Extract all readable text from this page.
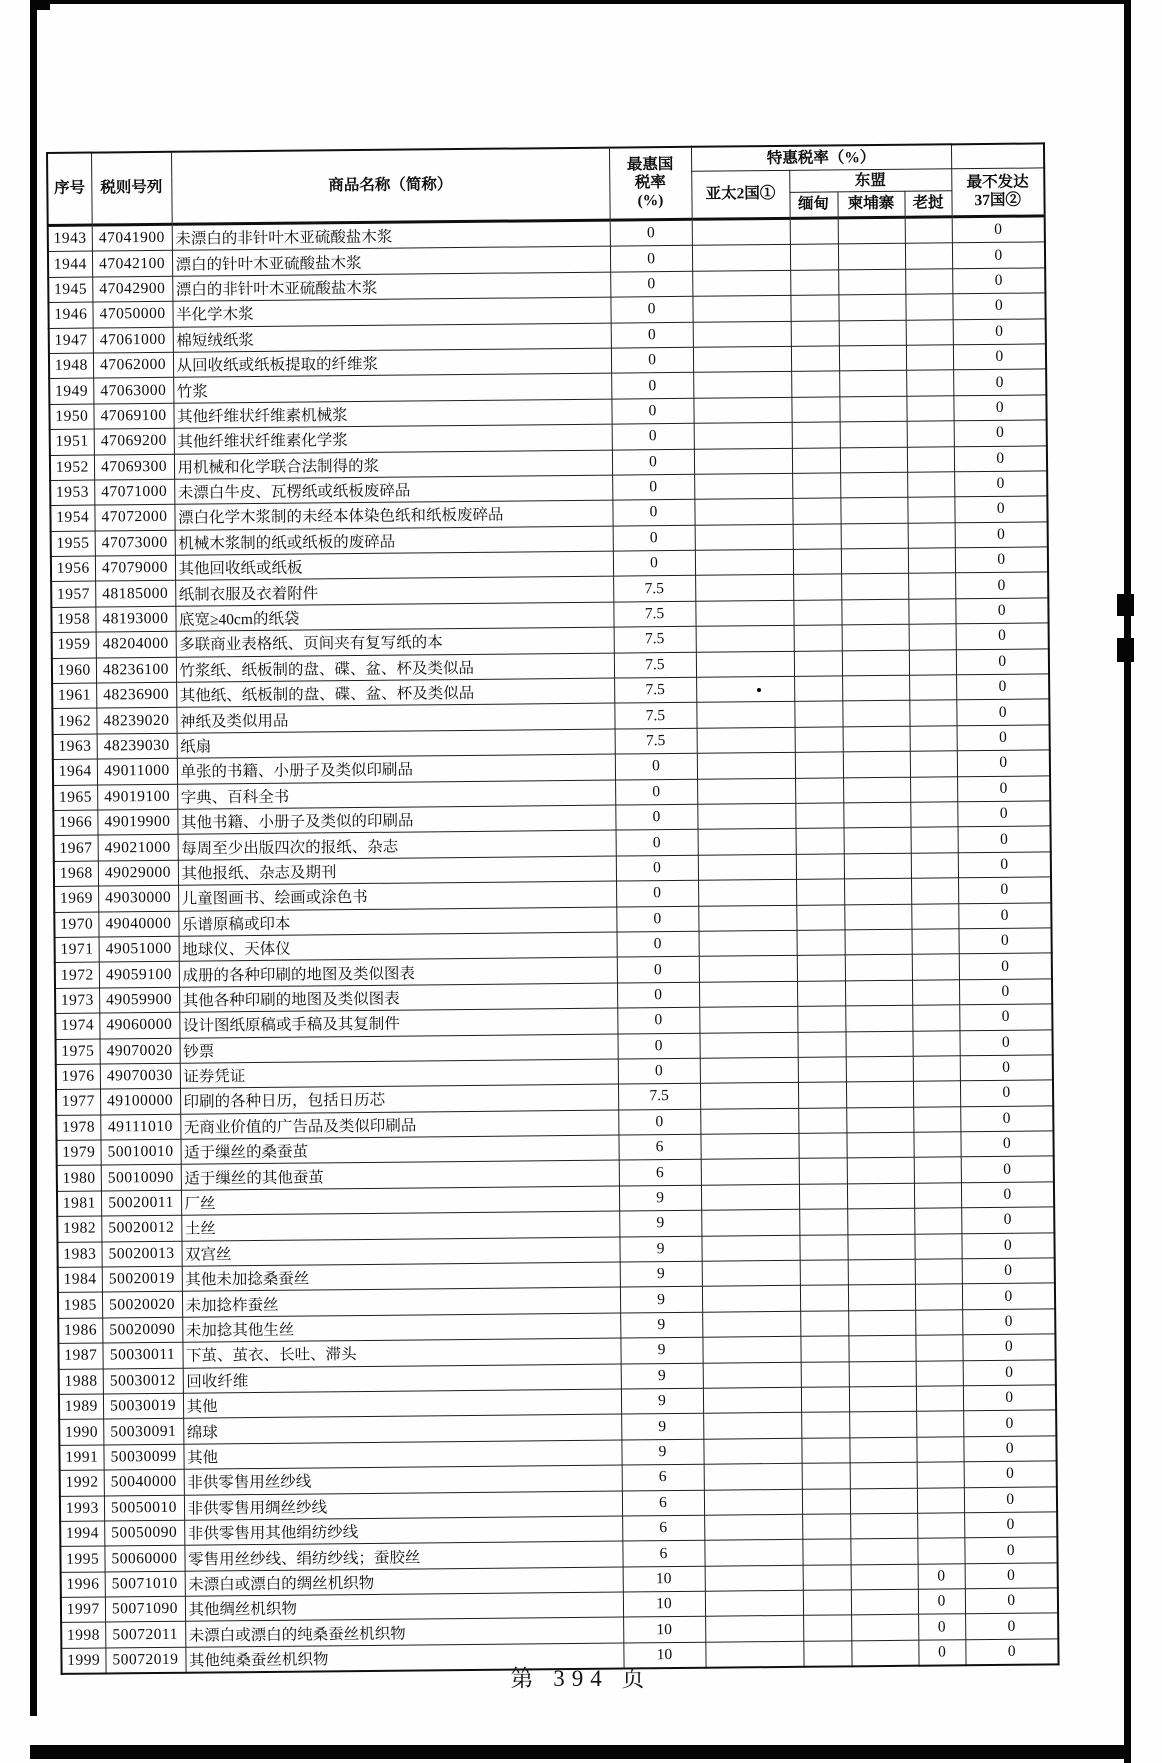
序号	税则号列	商品名称（简称）	最惠国
税率
(%)	特惠税率（%）				
				亚太2国①	东盟			最不发达
37国②

					缅甸	柬埔寨	老挝	
1943	47041900	未漂白的非针叶木亚硫酸盐木浆	0					0
1944	47042100	漂白的针叶木亚硫酸盐木浆	0					0
1945	47042900	漂白的非针叶木亚硫酸盐木浆	0					0
1946	47050000	半化学木浆	0					0
1947	47061000	棉短绒纸浆	0					0
1948	47062000	从回收纸或纸板提取的纤维浆	0					0
1949	47063000	竹浆	0					0
1950	47069100	其他纤维状纤维素机械浆	0					0
1951	47069200	其他纤维状纤维素化学浆	0					0
1952	47069300	用机械和化学联合法制得的浆	0					0
1953	47071000	未漂白牛皮、瓦楞纸或纸板废碎品	0					0
1954	47072000	漂白化学木浆制的未经本体染色纸和纸板废碎品	0					0
1955	47073000	机械木浆制的纸或纸板的废碎品	0					0
1956	47079000	其他回收纸或纸板	0					0
1957	48185000	纸制衣服及衣着附件	7.5					0
1958	48193000	底宽≥40cm的纸袋	7.5					0
1959	48204000	多联商业表格纸、页间夹有复写纸的本	7.5					0
1960	48236100	竹浆纸、纸板制的盘、碟、盆、杯及类似品	7.5					0
1961	48236900	其他纸、纸板制的盘、碟、盆、杯及类似品	7.5					0
1962	48239020	神纸及类似用品	7.5					0
1963	48239030	纸扇	7.5					0
1964	49011000	单张的书籍、小册子及类似印刷品	0					0
1965	49019100	字典、百科全书	0					0
1966	49019900	其他书籍、小册子及类似的印刷品	0					0
1967	49021000	每周至少出版四次的报纸、杂志	0					0
1968	49029000	其他报纸、杂志及期刊	0					0
1969	49030000	儿童图画书、绘画或涂色书	0					0
1970	49040000	乐谱原稿或印本	0					0
1971	49051000	地球仪、天体仪	0					0
1972	49059100	成册的各种印刷的地图及类似图表	0					0
1973	49059900	其他各种印刷的地图及类似图表	0					0
1974	49060000	设计图纸原稿或手稿及其复制件	0					0
1975	49070020	钞票	0					0
1976	49070030	证券凭证	0					0
1977	49100000	印刷的各种日历，包括日历芯	7.5					0
1978	49111010	无商业价值的广告品及类似印刷品	0					0
1979	50010010	适于缫丝的桑蚕茧	6					0
1980	50010090	适于缫丝的其他蚕茧	6					0
1981	50020011	厂丝	9					0
1982	50020012	土丝	9					0
1983	50020013	双宫丝	9					0
1984	50020019	其他未加捻桑蚕丝	9					0
1985	50020020	未加捻柞蚕丝	9					0
1986	50020090	未加捻其他生丝	9					0
1987	50030011	下茧、茧衣、长吐、滞头	9					0
1988	50030012	回收纤维	9					0
1989	50030019	其他	9					0
1990	50030091	绵球	9					0
1991	50030099	其他	9					0
1992	50040000	非供零售用丝纱线	6					0
1993	50050010	非供零售用绸丝纱线	6					0
1994	50050090	非供零售用其他绢纺纱线	6					0
1995	50060000	零售用丝纱线、绢纺纱线；蚕胶丝	6					0
1996	50071010	未漂白或漂白的绸丝机织物	10				0	0
1997	50071090	其他绸丝机织物	10				0	0
1998	50072011	未漂白或漂白的纯桑蚕丝机织物	10				0	0
1999	50072019	其他纯桑蚕丝机织物	10				0	0
第 394 页
